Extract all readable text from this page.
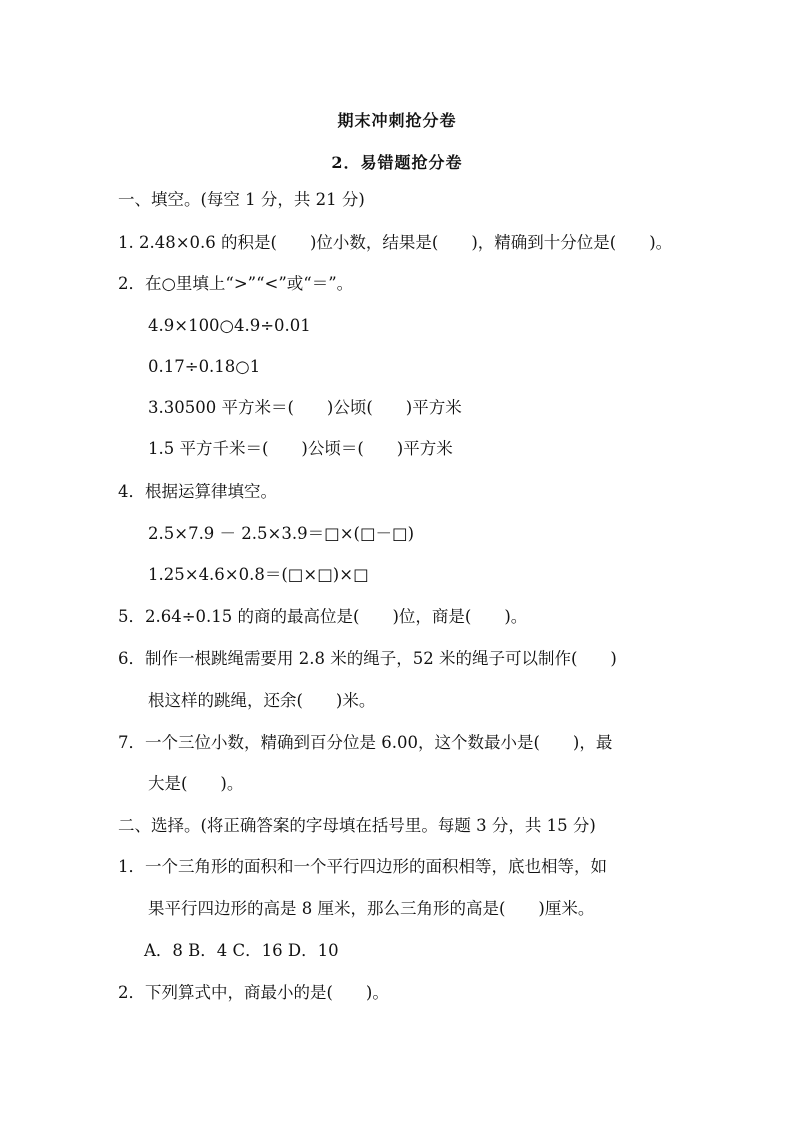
期末冲刺抢分卷
2．易错题抢分卷
一、填空。(每空 1 分，共 21 分)
1. 2.48×0.6 的积是(　　)位小数，结果是(　　)，精确到十分位是(　　)。
2．在○里填上“>”“<”或“＝”。
4.9×100○4.9÷0.01
0.17÷0.18○1
3.30500 平方米＝(　　)公顷(　　)平方米
1.5 平方千米＝(　　)公顷＝(　　)平方米
4．根据运算律填空。
2.5×7.9 － 2.5×3.9＝□×(□－□)
1.25×4.6×0.8＝(□×□)×□
5．2.64÷0.15 的商的最高位是(　　)位，商是(　　)。
6．制作一根跳绳需要用 2.8 米的绳子，52 米的绳子可以制作(　　)
根这样的跳绳，还余(　　)米。
7．一个三位小数，精确到百分位是 6.00，这个数最小是(　　)，最
大是(　　)。
二、选择。(将正确答案的字母填在括号里。每题 3 分，共 15 分)
1．一个三角形的面积和一个平行四边形的面积相等，底也相等，如
果平行四边形的高是 8 厘米，那么三角形的高是(　　)厘米。
A．8 B．4 C．16 D．10
2．下列算式中，商最小的是(　　)。
